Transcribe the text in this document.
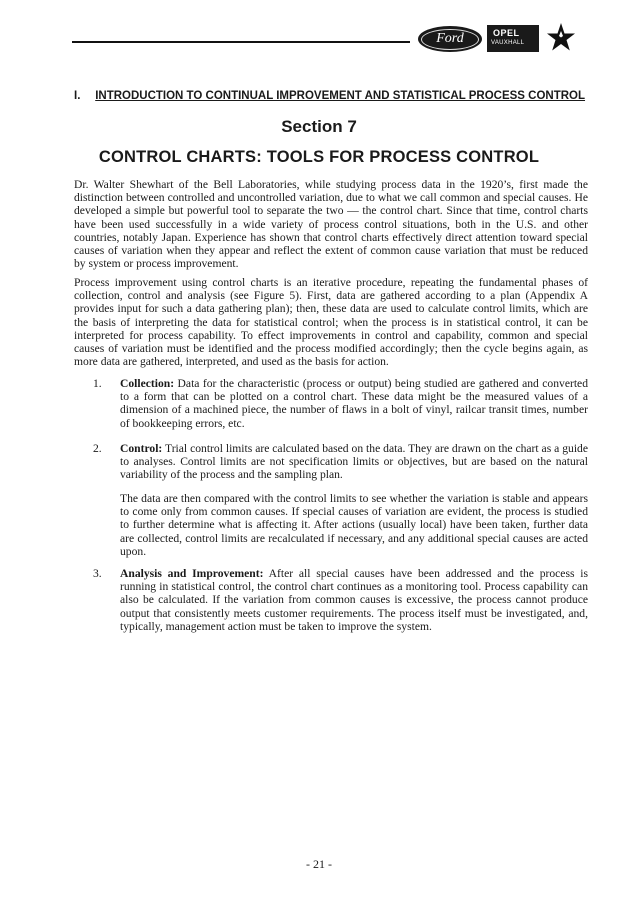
Ford	OPEL
VAUXHALL
I. INTRODUCTION TO CONTINUAL IMPROVEMENT AND STATISTICAL PROCESS CONTROL
Section 7
CONTROL CHARTS: TOOLS FOR PROCESS CONTROL

Dr. Walter Shewhart of the Bell Laboratories, while studying process data in the 1920’s, first made the distinction between controlled and uncontrolled variation, due to what we call common and special causes. He developed a simple but powerful tool to separate the two — the control chart. Since that time, control charts have been used successfully in a wide variety of process control situations, both in the U.S. and other countries, notably Japan. Experience has shown that control charts effectively direct attention toward special causes of variation when they appear and reflect the extent of common cause variation that must be reduced by system or process improvement.

Process improvement using control charts is an iterative procedure, repeating the fundamental phases of collection, control and analysis (see Figure 5). First, data are gathered according to a plan (Appendix A provides input for such a data gathering plan); then, these data are used to calculate control limits, which are the basis of interpreting the data for statistical control; when the process is in statistical control, it can be interpreted for process capability. To effect improvements in control and capability, common and special causes of variation must be identified and the process modified accordingly; then the cycle begins again, as more data are gathered, interpreted, and used as the basis for action.

1.	Collection: Data for the characteristic (process or output) being studied are gathered and converted to a form that can be plotted on a control chart. These data might be the measured values of a dimension of a machined piece, the number of flaws in a bolt of vinyl, railcar transit times, number of bookkeeping errors, etc.
2.	Control: Trial control limits are calculated based on the data. They are drawn on the chart as a guide to analyses. Control limits are not specification limits or objectives, but are based on the natural variability of the process and the sampling plan.
The data are then compared with the control limits to see whether the variation is stable and appears to come only from common causes. If special causes of variation are evident, the process is studied to further determine what is affecting it. After actions (usually local) have been taken, further data are collected, control limits are recalculated if necessary, and any additional special causes are acted upon.
3.	Analysis and Improvement: After all special causes have been addressed and the process is running in statistical control, the control chart continues as a monitoring tool. Process capability can also be calculated. If the variation from common causes is excessive, the process cannot produce output that consistently meets customer requirements. The process itself must be investigated, and, typically, management action must be taken to improve the system.
- 21 -
